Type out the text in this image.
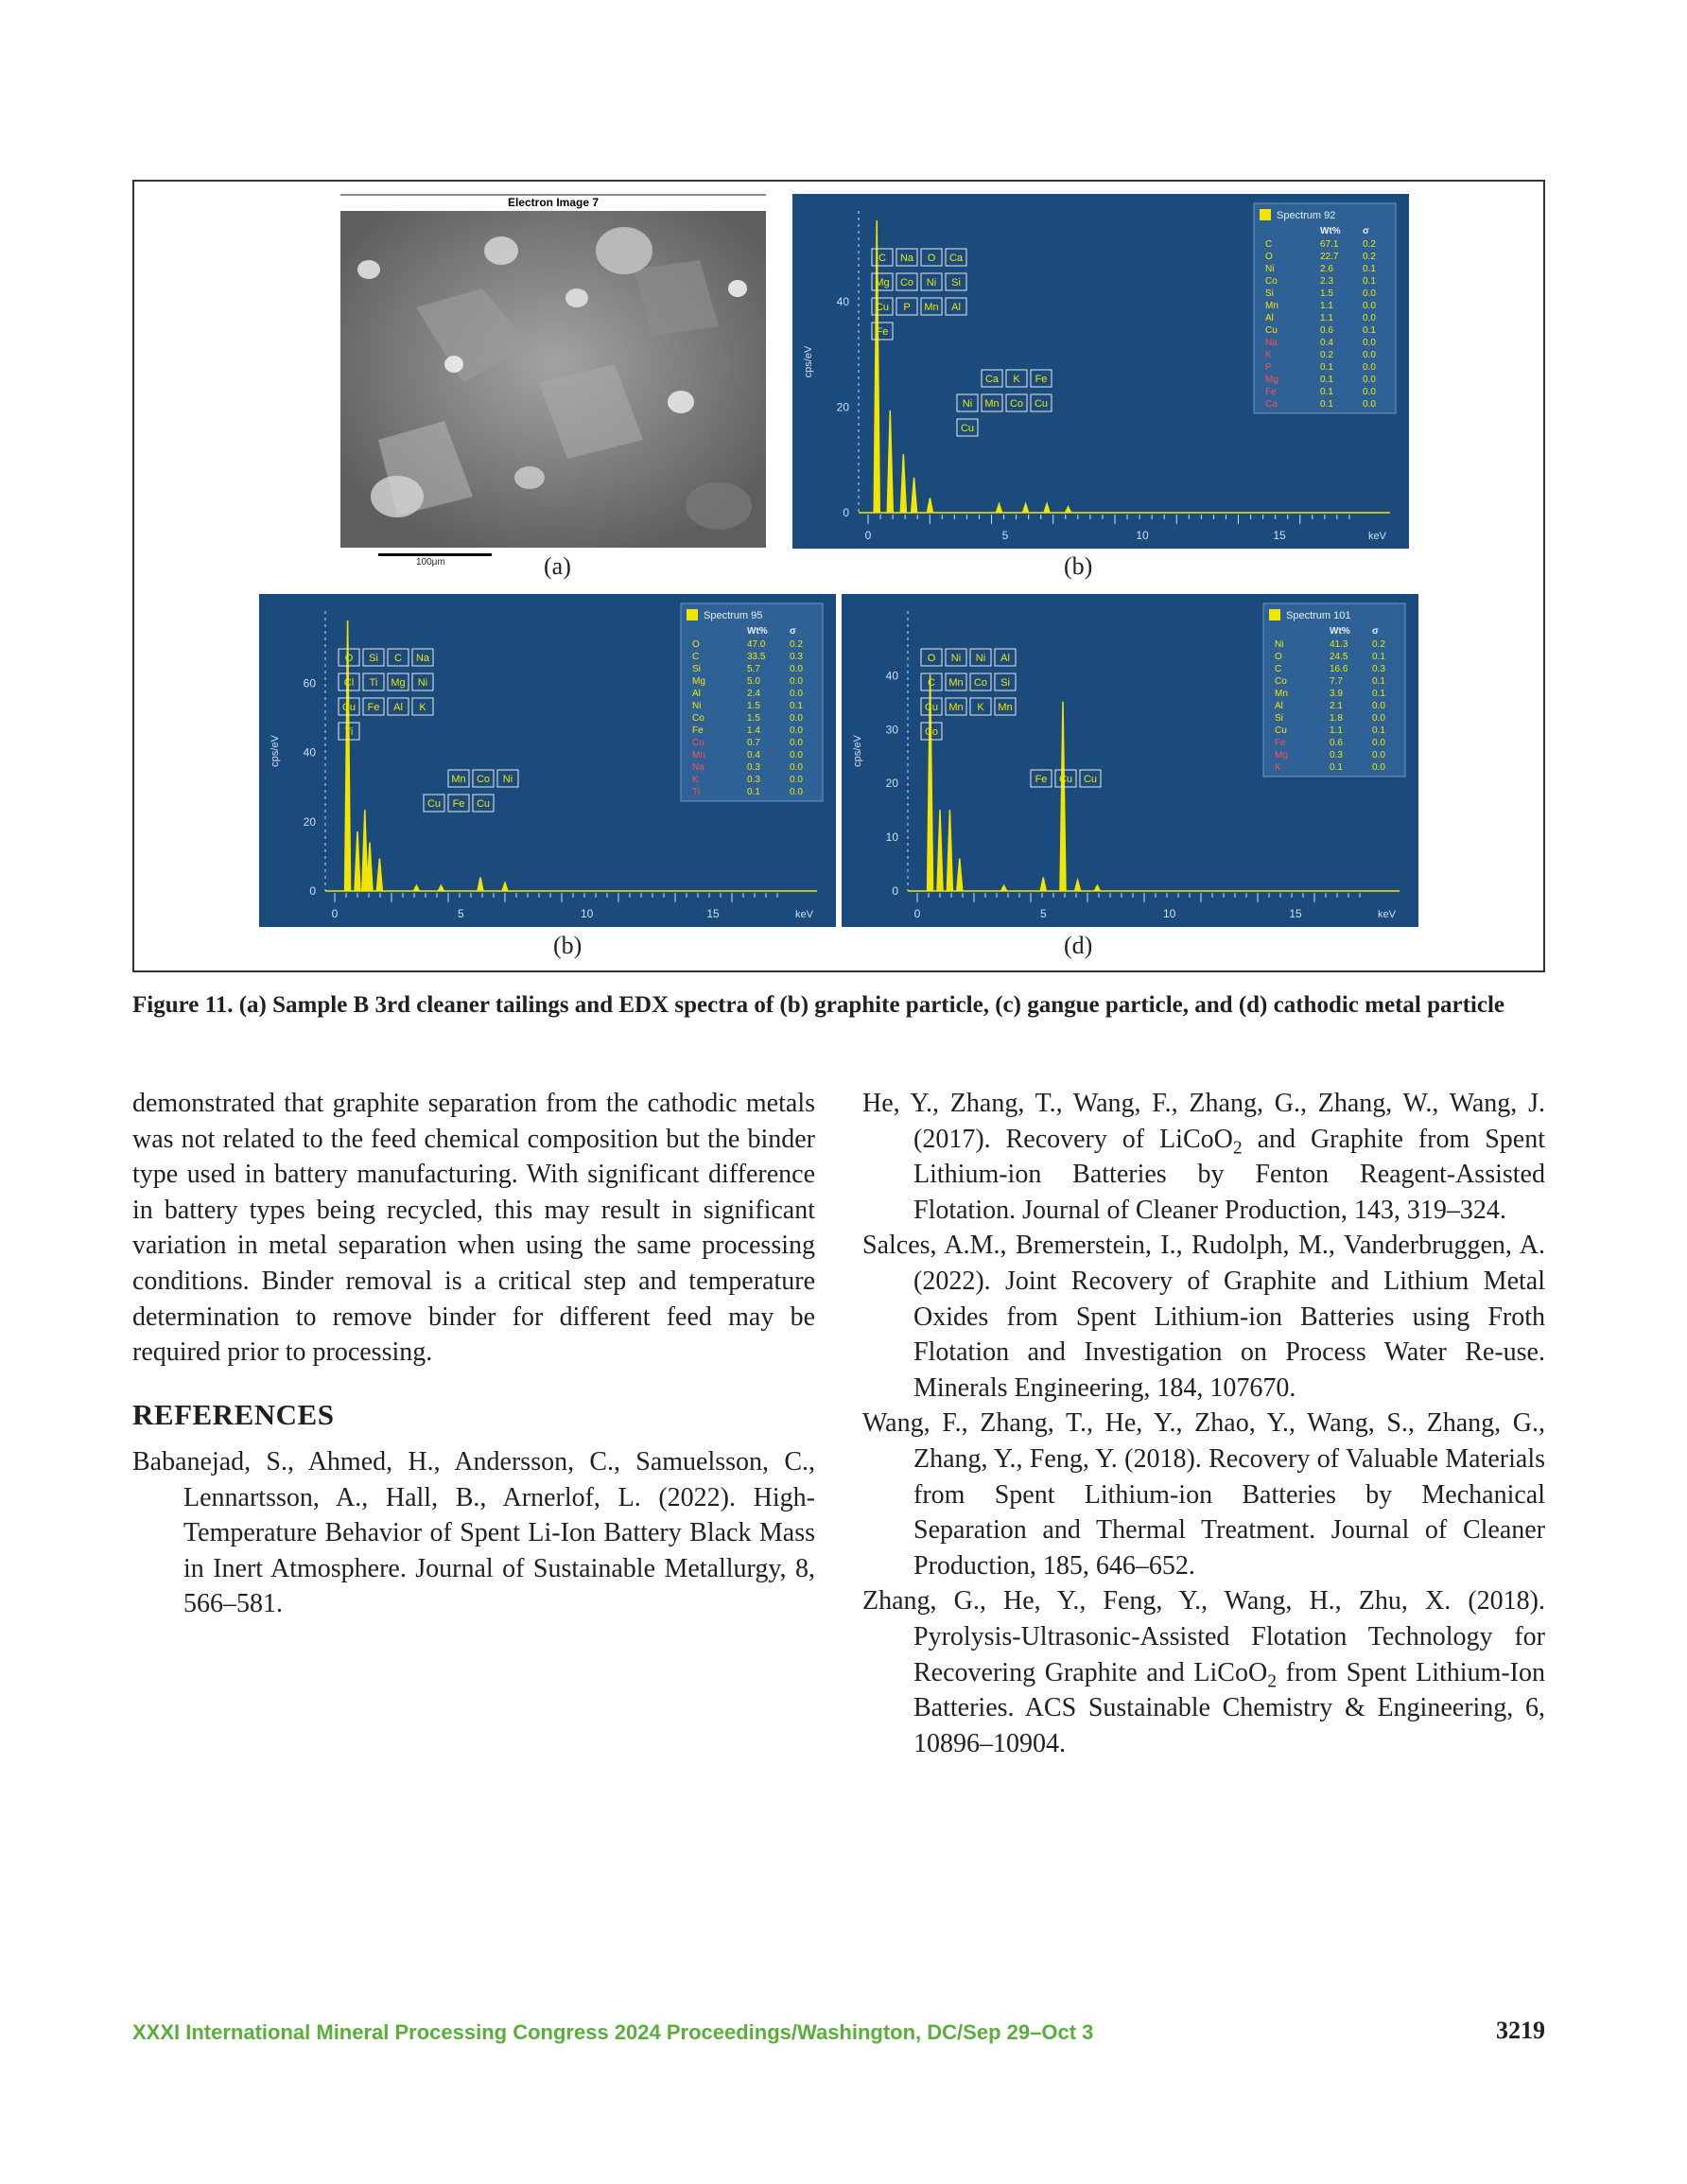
Electron Image 7
100μm
0	5	10	15	keV
0
20
40
cps/eV
C Na O Ca
Mg Co Ni Si
Cu P Mn Al
Fe
Ca K Fe
Ni Mn Co Cu
Cu
Spectrum 92
Wt% σ
C	67.1	0.2
O	22.7	0.2
Ni	2.6	0.1
Co	2.3	0.1
Si	1.5	0.0
Mn	1.1	0.0
Al	1.1	0.0
Cu	0.6	0.1
Na	0.4	0.0
K	0.2	0.0
P	0.1	0.0
Mg	0.1	0.0
Fe	0.1	0.0
Ca	0.1	0.0
0	5	10	15	keV
0
20
40
60
cps/eV
O Si C Na
Cl Ti Mg Ni
Cu Fe Al K
Ti
Mn Co Ni
Cu Fe Cu
Spectrum 95
Wt% σ
O	47.0	0.2
C	33.5	0.3
Si	5.7	0.0
Mg	5.0	0.0
Al	2.4	0.0
Ni	1.5	0.1
Co	1.5	0.0
Fe	1.4	0.0
Cu	0.7	0.0
Mn	0.4	0.0
Na	0.3	0.0
K	0.3	0.0
Ti	0.1	0.0
0	5	10	15	keV
0
10
20
30
40
cps/eV
O Ni Ni Al
C Mn Co Si
Cu Mn K Mn
Co
Fe Cu Cu
Spectrum 101
Wt% σ
Ni	41.3	0.2
O	24.5	0.1
C	16.6	0.3
Co	7.7	0.1
Mn	3.9	0.1
Al	2.1	0.0
Si	1.8	0.0
Cu	1.1	0.1
Fe	0.6	0.0
Mg	0.3	0.0
K	0.1	0.0
(a)	(b)
(b)	(d)
Figure 11. (a) Sample B 3rd cleaner tailings and EDX spectra of (b) graphite particle, (c) gangue particle, and (d) cathodic metal particle

demonstrated that graphite separation from the cathodic metals was not related to the feed chemical composition but the binder type used in battery manufacturing. With significant difference in battery types being recycled, this may result in significant variation in metal separation when using the same processing conditions. Binder removal is a critical step and temperature determination to remove binder for different feed may be required prior to processing.

REFERENCES

Babanejad, S., Ahmed, H., Andersson, C., Samuelsson, C., Lennartsson, A., Hall, B., Arnerlof, L. (2022). High-Temperature Behavior of Spent Li-Ion Battery Black Mass in Inert Atmosphere. Journal of Sustainable Metallurgy, 8, 566–581.

He, Y., Zhang, T., Wang, F., Zhang, G., Zhang, W., Wang, J. (2017). Recovery of LiCoO$_2$ and Graphite from Spent Lithium-ion Batteries by Fenton Reagent-Assisted Flotation. Journal of Cleaner Production, 143, 319–324.

Salces, A.M., Bremerstein, I., Rudolph, M., Vanderbruggen, A. (2022). Joint Recovery of Graphite and Lithium Metal Oxides from Spent Lithium-ion Batteries using Froth Flotation and Investigation on Process Water Re-use. Minerals Engineering, 184, 107670.

Wang, F., Zhang, T., He, Y., Zhao, Y., Wang, S., Zhang, G., Zhang, Y., Feng, Y. (2018). Recovery of Valuable Materials from Spent Lithium-ion Batteries by Mechanical Separation and Thermal Treatment. Journal of Cleaner Production, 185, 646–652.

Zhang, G., He, Y., Feng, Y., Wang, H., Zhu, X. (2018). Pyrolysis-Ultrasonic-Assisted Flotation Technology for Recovering Graphite and LiCoO$_2$ from Spent Lithium-Ion Batteries. ACS Sustainable Chemistry & Engineering, 6, 10896–10904.

XXXI International Mineral Processing Congress 2024 Proceedings/Washington, DC/Sep 29–Oct 3	3219
